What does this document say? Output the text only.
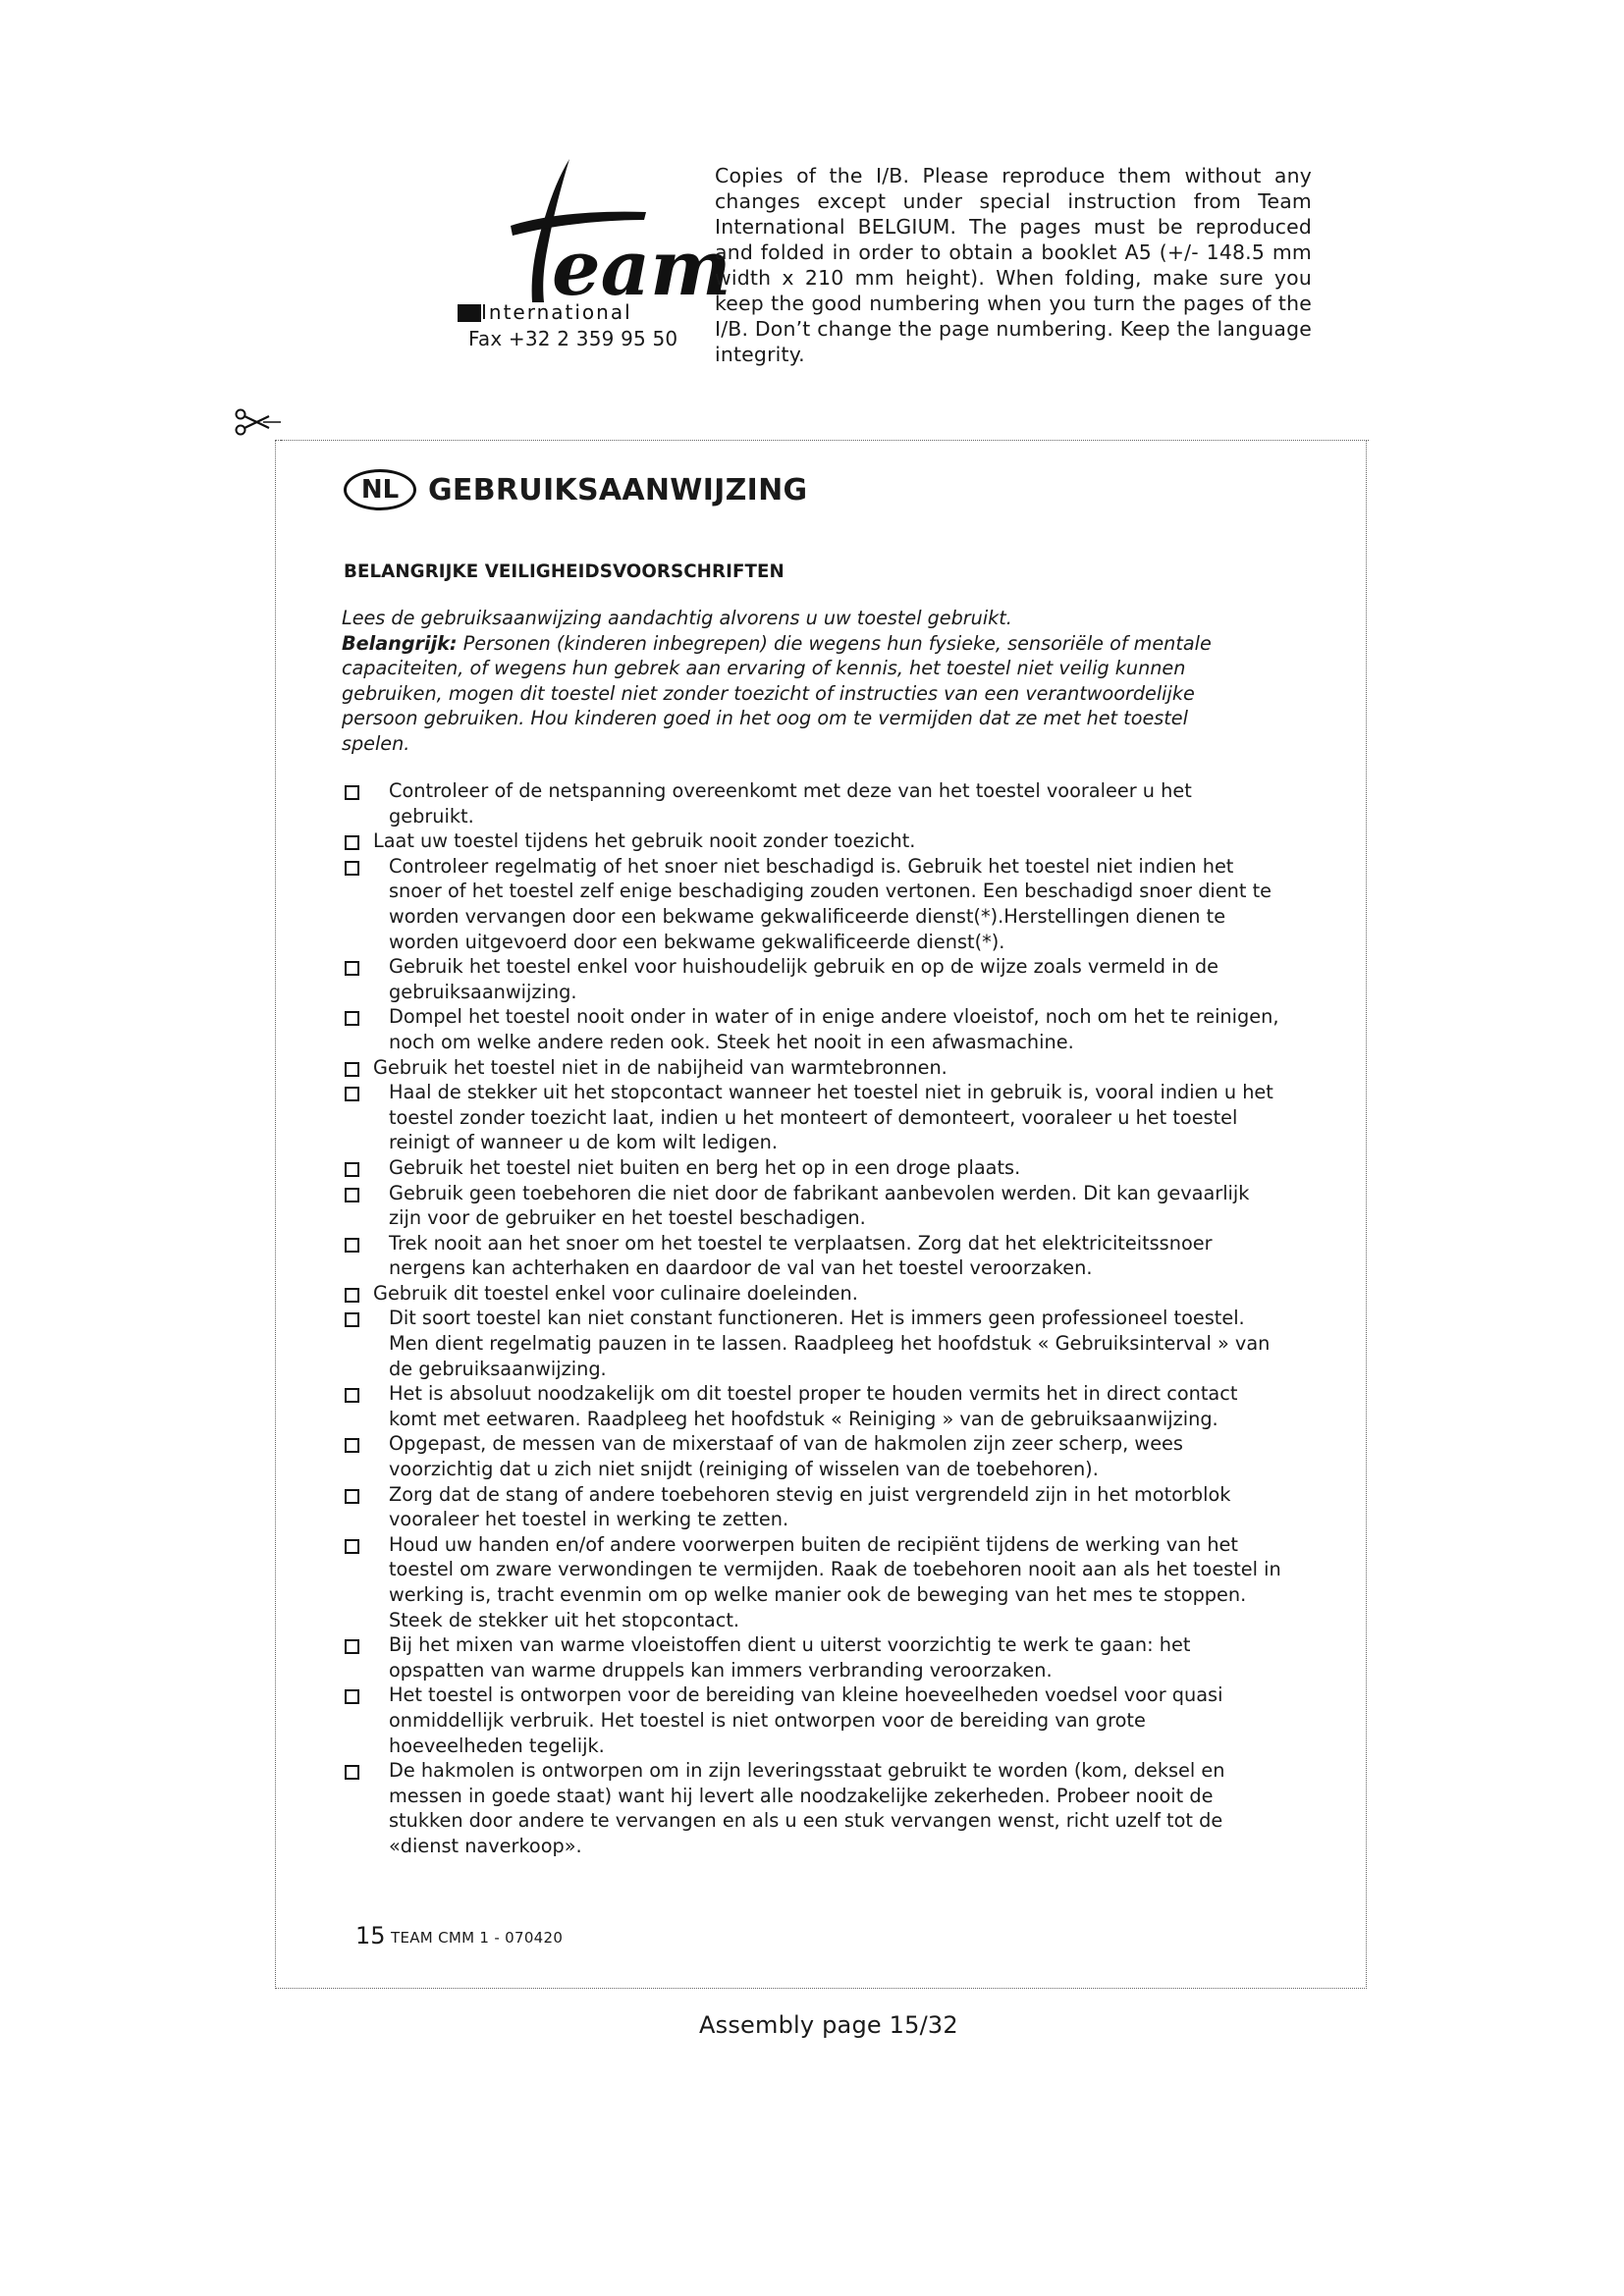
eam
International
Fax +32 2 359 95 50
Copies of the I/B. Please reproduce them without any changes except under special instruction from Team International BELGIUM. The pages must be reproduced and folded in order to obtain a booklet A5 (+/- 148.5 mm width x 210 mm height). When folding, make sure you keep the good numbering when you turn the pages of the I/B. Don’t change the page numbering. Keep the language integrity.
NL GEBRUIKSAANWIJZING
BELANGRIJKE VEILIGHEIDSVOORSCHRIFTEN

Lees de gebruiksaanwijzing aandachtig alvorens u uw toestel gebruikt.

Belangrijk: Personen (kinderen inbegrepen) die wegens hun fysieke, sensoriële of mentale capaciteiten, of wegens hun gebrek aan ervaring of kennis, het toestel niet veilig kunnen gebruiken, mogen dit toestel niet zonder toezicht of instructies van een verantwoordelijke persoon gebruiken. Hou kinderen goed in het oog om te vermijden dat ze met het toestel spelen.

Controleer of de netspanning overeenkomt met deze van het toestel vooraleer u het gebruikt.
Laat uw toestel tijdens het gebruik nooit zonder toezicht.
Controleer regelmatig of het snoer niet beschadigd is. Gebruik het toestel niet indien het snoer of het toestel zelf enige beschadiging zouden vertonen. Een beschadigd snoer dient te worden vervangen door een bekwame gekwalificeerde dienst(*).Herstellingen dienen te worden uitgevoerd door een bekwame gekwalificeerde dienst(*).
Gebruik het toestel enkel voor huishoudelijk gebruik en op de wijze zoals vermeld in de gebruiksaanwijzing.
Dompel het toestel nooit onder in water of in enige andere vloeistof, noch om het te reinigen, noch om welke andere reden ook. Steek het nooit in een afwasmachine.
Gebruik het toestel niet in de nabijheid van warmtebronnen.
Haal de stekker uit het stopcontact wanneer het toestel niet in gebruik is, vooral indien u het toestel zonder toezicht laat, indien u het monteert of demonteert, vooraleer u het toestel reinigt of wanneer u de kom wilt ledigen.
Gebruik het toestel niet buiten en berg het op in een droge plaats.
Gebruik geen toebehoren die niet door de fabrikant aanbevolen werden. Dit kan gevaarlijk zijn voor de gebruiker en het toestel beschadigen.
Trek nooit aan het snoer om het toestel te verplaatsen. Zorg dat het elektriciteitssnoer nergens kan achterhaken en daardoor de val van het toestel veroorzaken.
Gebruik dit toestel enkel voor culinaire doeleinden.
Dit soort toestel kan niet constant functioneren. Het is immers geen professioneel toestel. Men dient regelmatig pauzen in te lassen. Raadpleeg het hoofdstuk « Gebruiksinterval » van de gebruiksaanwijzing.
Het is absoluut noodzakelijk om dit toestel proper te houden vermits het in direct contact komt met eetwaren. Raadpleeg het hoofdstuk « Reiniging » van de gebruiksaanwijzing.
Opgepast, de messen van de mixerstaaf of van de hakmolen zijn zeer scherp, wees voorzichtig dat u zich niet snijdt (reiniging of wisselen van de toebehoren).
Zorg dat de stang of andere toebehoren stevig en juist vergrendeld zijn in het motorblok vooraleer het toestel in werking te zetten.
Houd uw handen en/of andere voorwerpen buiten de recipiënt tijdens de werking van het toestel om zware verwondingen te vermijden. Raak de toebehoren nooit aan als het toestel in werking is, tracht evenmin om op welke manier ook de beweging van het mes te stoppen. Steek de stekker uit het stopcontact.
Bij het mixen van warme vloeistoffen dient u uiterst voorzichtig te werk te gaan: het opspatten van warme druppels kan immers verbranding veroorzaken.
Het toestel is ontworpen voor de bereiding van kleine hoeveelheden voedsel voor quasi onmiddellijk verbruik. Het toestel is niet ontworpen voor de bereiding van grote hoeveelheden tegelijk.
De hakmolen is ontworpen om in zijn leveringsstaat gebruikt te worden (kom, deksel en messen in goede staat) want hij levert alle noodzakelijke zekerheden. Probeer nooit de stukken door andere te vervangen en als u een stuk vervangen wenst, richt uzelf tot de «dienst naverkoop».
15 TEAM CMM 1 - 070420
Assembly page 15/32
